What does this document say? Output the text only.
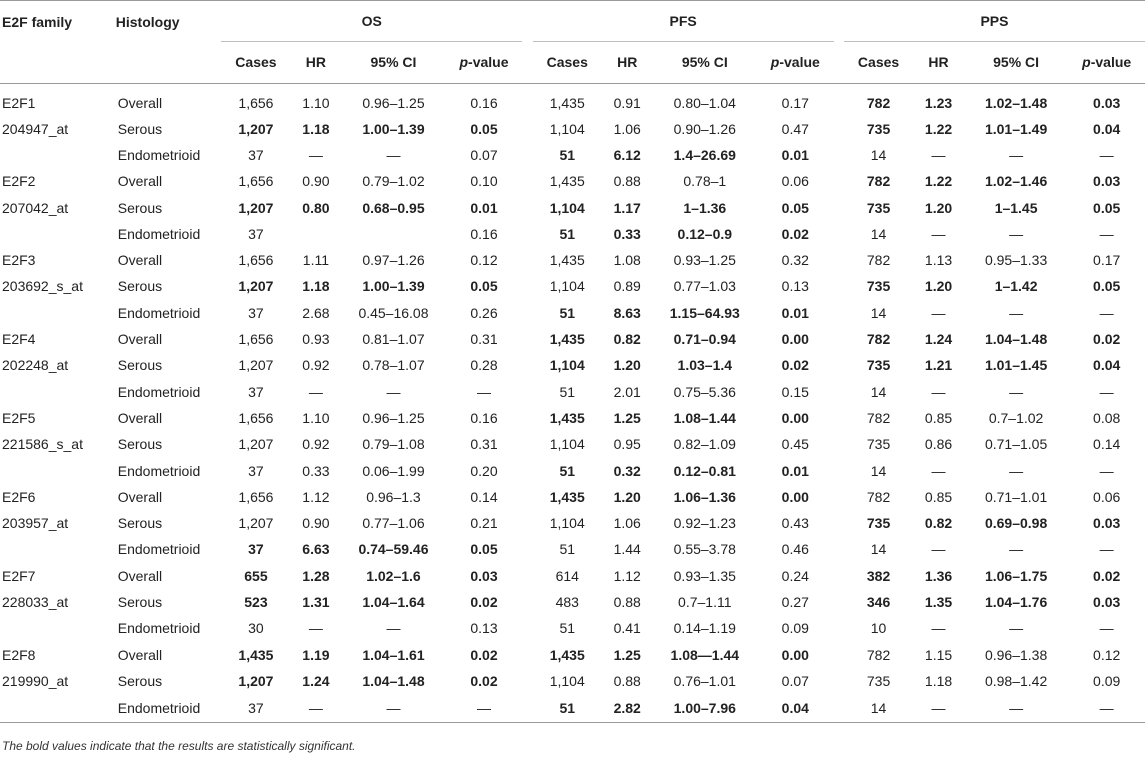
E2F family	Histology	OS					PFS					PPS			
		Cases	HR	95% CI	p-value		Cases	HR	95% CI	p-value		Cases	HR	95% CI	p-value
E2F1	Overall	1,656	1.10	0.96–1.25	0.16		1,435	0.91	0.80–1.04	0.17		782	1.23	1.02–1.48	0.03
204947_at	Serous	1,207	1.18	1.00–1.39	0.05		1,104	1.06	0.90–1.26	0.47		735	1.22	1.01–1.49	0.04
	Endometrioid	37	—	—	0.07		51	6.12	1.4–26.69	0.01		14	—	—	—
E2F2	Overall	1,656	0.90	0.79–1.02	0.10		1,435	0.88	0.78–1	0.06		782	1.22	1.02–1.46	0.03
207042_at	Serous	1,207	0.80	0.68–0.95	0.01		1,104	1.17	1–1.36	0.05		735	1.20	1–1.45	0.05
	Endometrioid	37			0.16		51	0.33	0.12–0.9	0.02		14	—	—	—
E2F3	Overall	1,656	1.11	0.97–1.26	0.12		1,435	1.08	0.93–1.25	0.32		782	1.13	0.95–1.33	0.17
203692_s_at	Serous	1,207	1.18	1.00–1.39	0.05		1,104	0.89	0.77–1.03	0.13		735	1.20	1–1.42	0.05
	Endometrioid	37	2.68	0.45–16.08	0.26		51	8.63	1.15–64.93	0.01		14	—	—	—
E2F4	Overall	1,656	0.93	0.81–1.07	0.31		1,435	0.82	0.71–0.94	0.00		782	1.24	1.04–1.48	0.02
202248_at	Serous	1,207	0.92	0.78–1.07	0.28		1,104	1.20	1.03–1.4	0.02		735	1.21	1.01–1.45	0.04
	Endometrioid	37	—	—	—		51	2.01	0.75–5.36	0.15		14	—	—	—
E2F5	Overall	1,656	1.10	0.96–1.25	0.16		1,435	1.25	1.08–1.44	0.00		782	0.85	0.7–1.02	0.08
221586_s_at	Serous	1,207	0.92	0.79–1.08	0.31		1,104	0.95	0.82–1.09	0.45		735	0.86	0.71–1.05	0.14
	Endometrioid	37	0.33	0.06–1.99	0.20		51	0.32	0.12–0.81	0.01		14	—	—	—
E2F6	Overall	1,656	1.12	0.96–1.3	0.14		1,435	1.20	1.06–1.36	0.00		782	0.85	0.71–1.01	0.06
203957_at	Serous	1,207	0.90	0.77–1.06	0.21		1,104	1.06	0.92–1.23	0.43		735	0.82	0.69–0.98	0.03
	Endometrioid	37	6.63	0.74–59.46	0.05		51	1.44	0.55–3.78	0.46		14	—	—	—
E2F7	Overall	655	1.28	1.02–1.6	0.03		614	1.12	0.93–1.35	0.24		382	1.36	1.06–1.75	0.02
228033_at	Serous	523	1.31	1.04–1.64	0.02		483	0.88	0.7–1.11	0.27		346	1.35	1.04–1.76	0.03
	Endometrioid	30	—	—	0.13		51	0.41	0.14–1.19	0.09		10	—	—	—
E2F8	Overall	1,435	1.19	1.04–1.61	0.02		1,435	1.25	1.08—1.44	0.00		782	1.15	0.96–1.38	0.12
219990_at	Serous	1,207	1.24	1.04–1.48	0.02		1,104	0.88	0.76–1.01	0.07		735	1.18	0.98–1.42	0.09
	Endometrioid	37	—	—	—		51	2.82	1.00–7.96	0.04		14	—	—	—
The bold values indicate that the results are statistically significant.
